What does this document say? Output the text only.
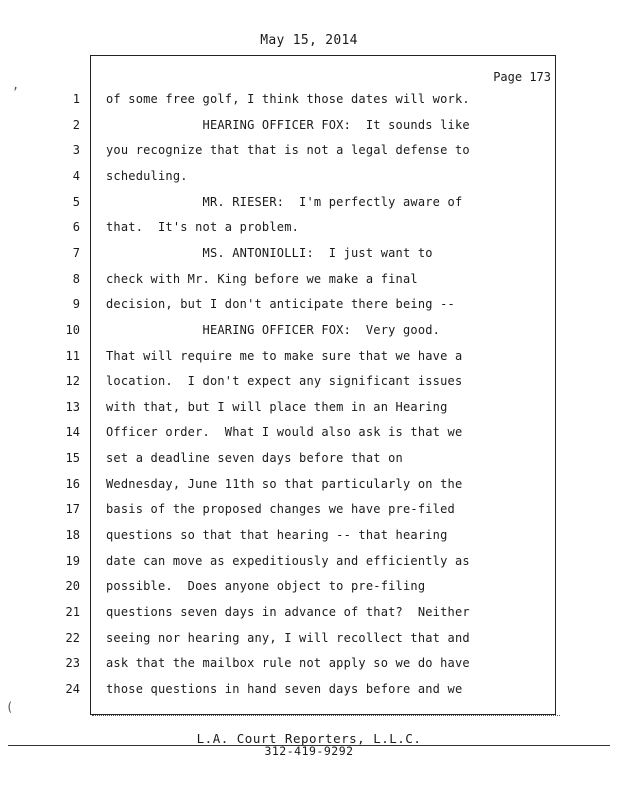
May 15, 2014
Page 173
1 of some free golf, I think those dates will work.
2 HEARING OFFICER FOX:  It sounds like
3 you recognize that that is not a legal defense to
4 scheduling.
5 MR. RIESER:  I'm perfectly aware of
6 that.  It's not a problem.
7 MS. ANTONIOLLI:  I just want to
8 check with Mr. King before we make a final
9 decision, but I don't anticipate there being --
10 HEARING OFFICER FOX:  Very good.
11 That will require me to make sure that we have a
12 location.  I don't expect any significant issues
13 with that, but I will place them in an Hearing
14 Officer order.  What I would also ask is that we
15 set a deadline seven days before that on
16 Wednesday, June 11th so that particularly on the
17 basis of the proposed changes we have pre-filed
18 questions so that that hearing -- that hearing
19 date can move as expeditiously and efficiently as
20 possible.  Does anyone object to pre-filing
21 questions seven days in advance of that?  Neither
22 seeing nor hearing any, I will recollect that and
23 ask that the mailbox rule not apply so we do have
24 those questions in hand seven days before and we
,
(
L.A. Court Reporters, L.L.C.
312-419-9292
